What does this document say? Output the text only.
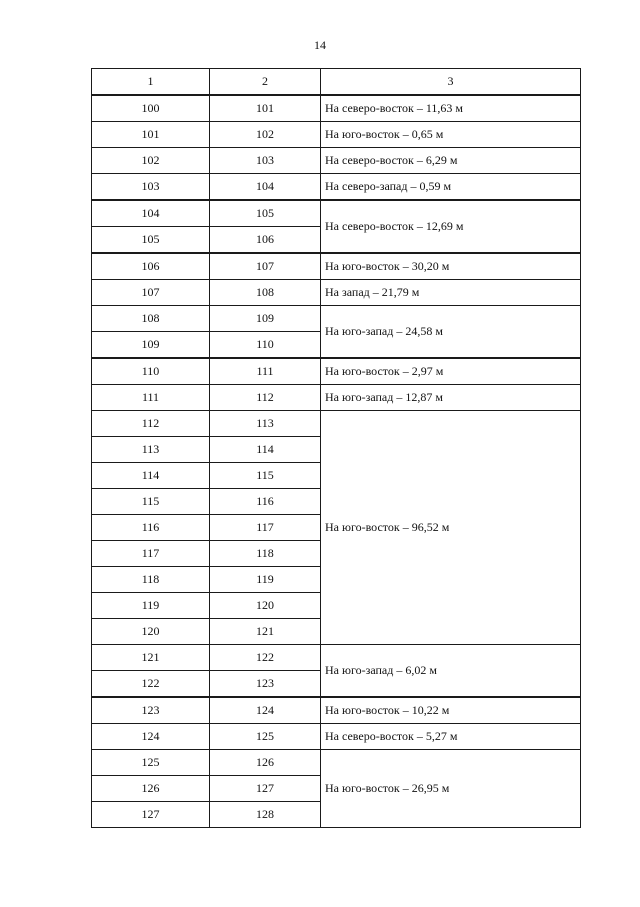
14
1	2	3
100	101	На северо-восток – 11,63 м
101	102	На юго-восток – 0,65 м
102	103	На северо-восток – 6,29 м
103	104	На северо-запад – 0,59 м
104	105	На северо-восток – 12,69 м
105	106	
106	107	На юго-восток – 30,20 м
107	108	На запад – 21,79 м
108	109	На юго-запад – 24,58 м
109	110	
110	111	На юго-восток – 2,97 м
111	112	На юго-запад – 12,87 м
112	113	На юго-восток – 96,52 м
113	114	
114	115	
115	116	
116	117	
117	118	
118	119	
119	120	
120	121	
121	122	На юго-запад – 6,02 м
122	123	
123	124	На юго-восток – 10,22 м
124	125	На северо-восток – 5,27 м
125	126	На юго-восток – 26,95 м
126	127	
127	128	
